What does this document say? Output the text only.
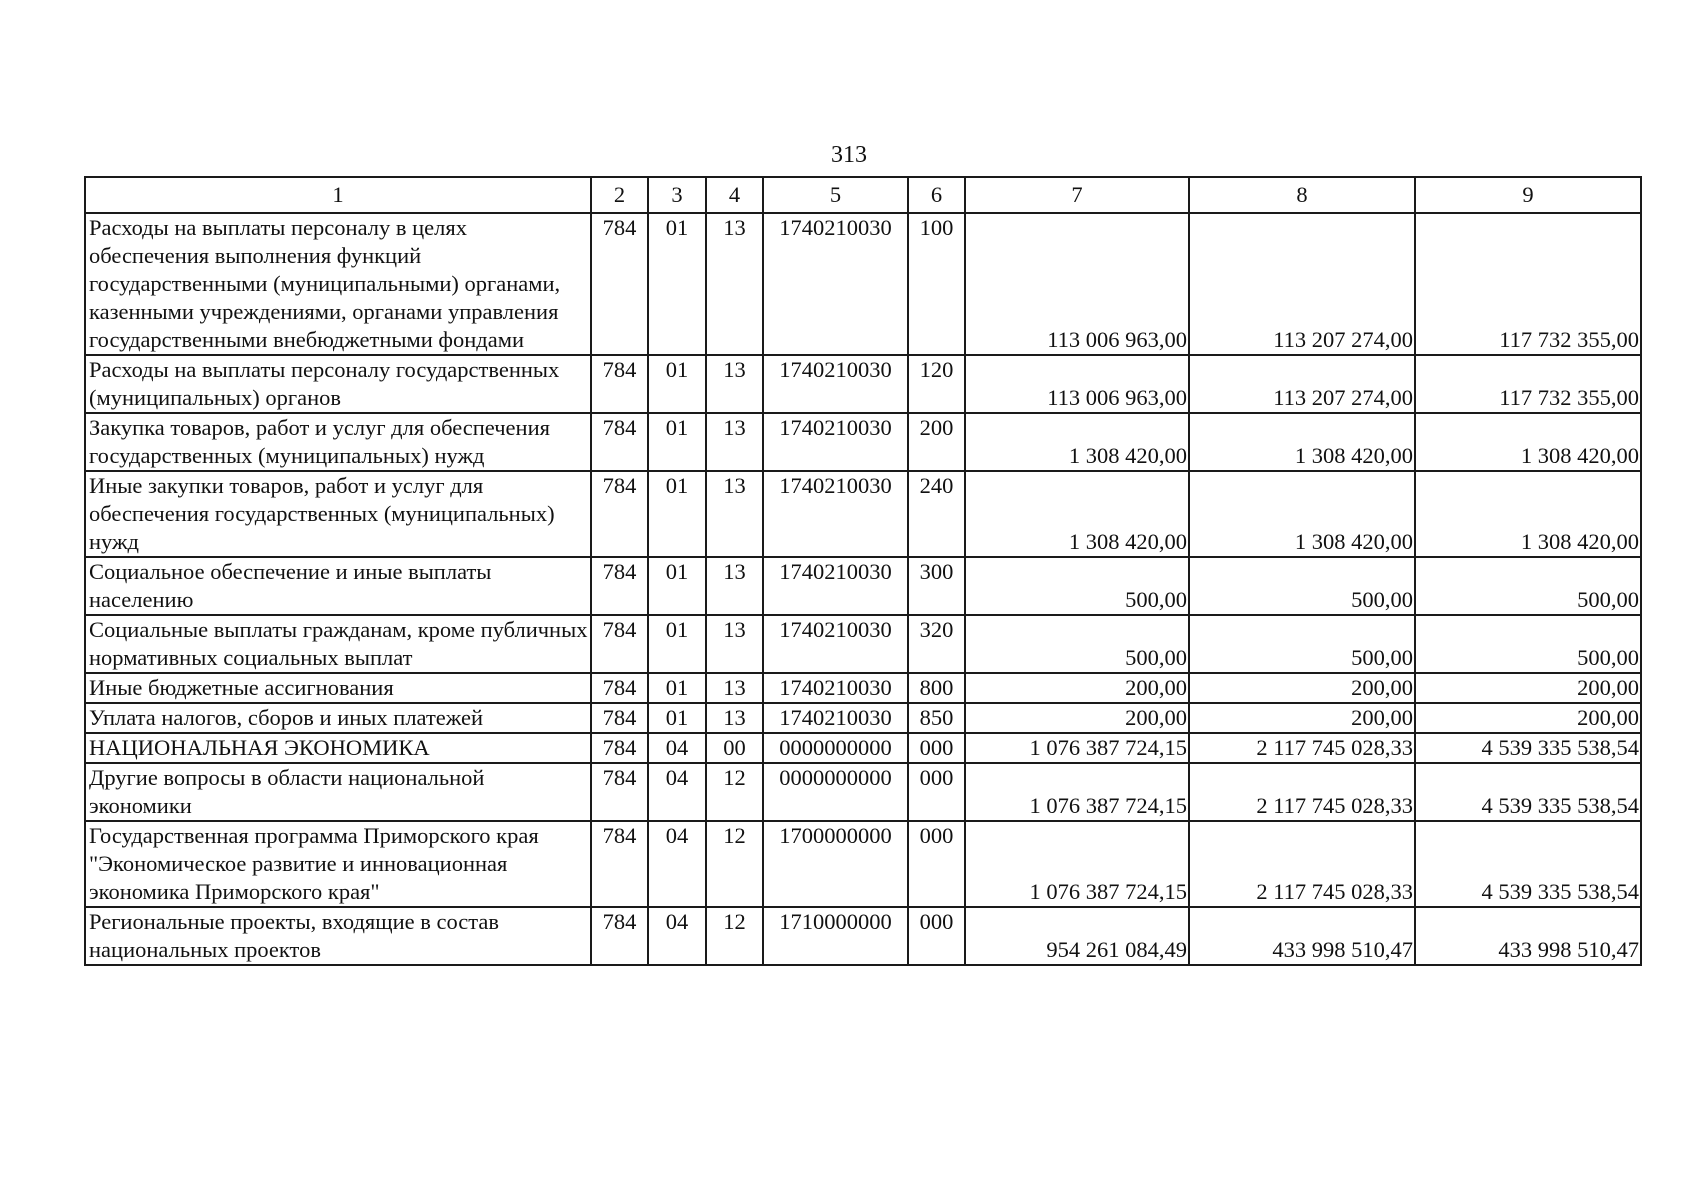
313
1	2	3	4	5	6	7	8	9
Расходы на выплаты персоналу в целях обеспечения выполнения функций государственными (муниципальными) органами, казенными учреждениями, органами управления государственными внебюджетными фондами	784	01	13	1740210030	100	113 006 963,00	113 207 274,00	117 732 355,00
Расходы на выплаты персоналу государственных (муниципальных) органов	784	01	13	1740210030	120	113 006 963,00	113 207 274,00	117 732 355,00
Закупка товаров, работ и услуг для обеспечения государственных (муниципальных) нужд	784	01	13	1740210030	200	1 308 420,00	1 308 420,00	1 308 420,00
Иные закупки товаров, работ и услуг для обеспечения государственных (муниципальных) нужд	784	01	13	1740210030	240	1 308 420,00	1 308 420,00	1 308 420,00
Социальное обеспечение и иные выплаты населению	784	01	13	1740210030	300	500,00	500,00	500,00
Социальные выплаты гражданам, кроме публичных нормативных социальных выплат	784	01	13	1740210030	320	500,00	500,00	500,00
Иные бюджетные ассигнования	784	01	13	1740210030	800	200,00	200,00	200,00
Уплата налогов, сборов и иных платежей	784	01	13	1740210030	850	200,00	200,00	200,00
НАЦИОНАЛЬНАЯ ЭКОНОМИКА	784	04	00	0000000000	000	1 076 387 724,15	2 117 745 028,33	4 539 335 538,54
Другие вопросы в области национальной экономики	784	04	12	0000000000	000	1 076 387 724,15	2 117 745 028,33	4 539 335 538,54
Государственная программа Приморского края "Экономическое развитие и инновационная экономика Приморского края"	784	04	12	1700000000	000	1 076 387 724,15	2 117 745 028,33	4 539 335 538,54
Региональные проекты, входящие в состав национальных проектов	784	04	12	1710000000	000	954 261 084,49	433 998 510,47	433 998 510,47
